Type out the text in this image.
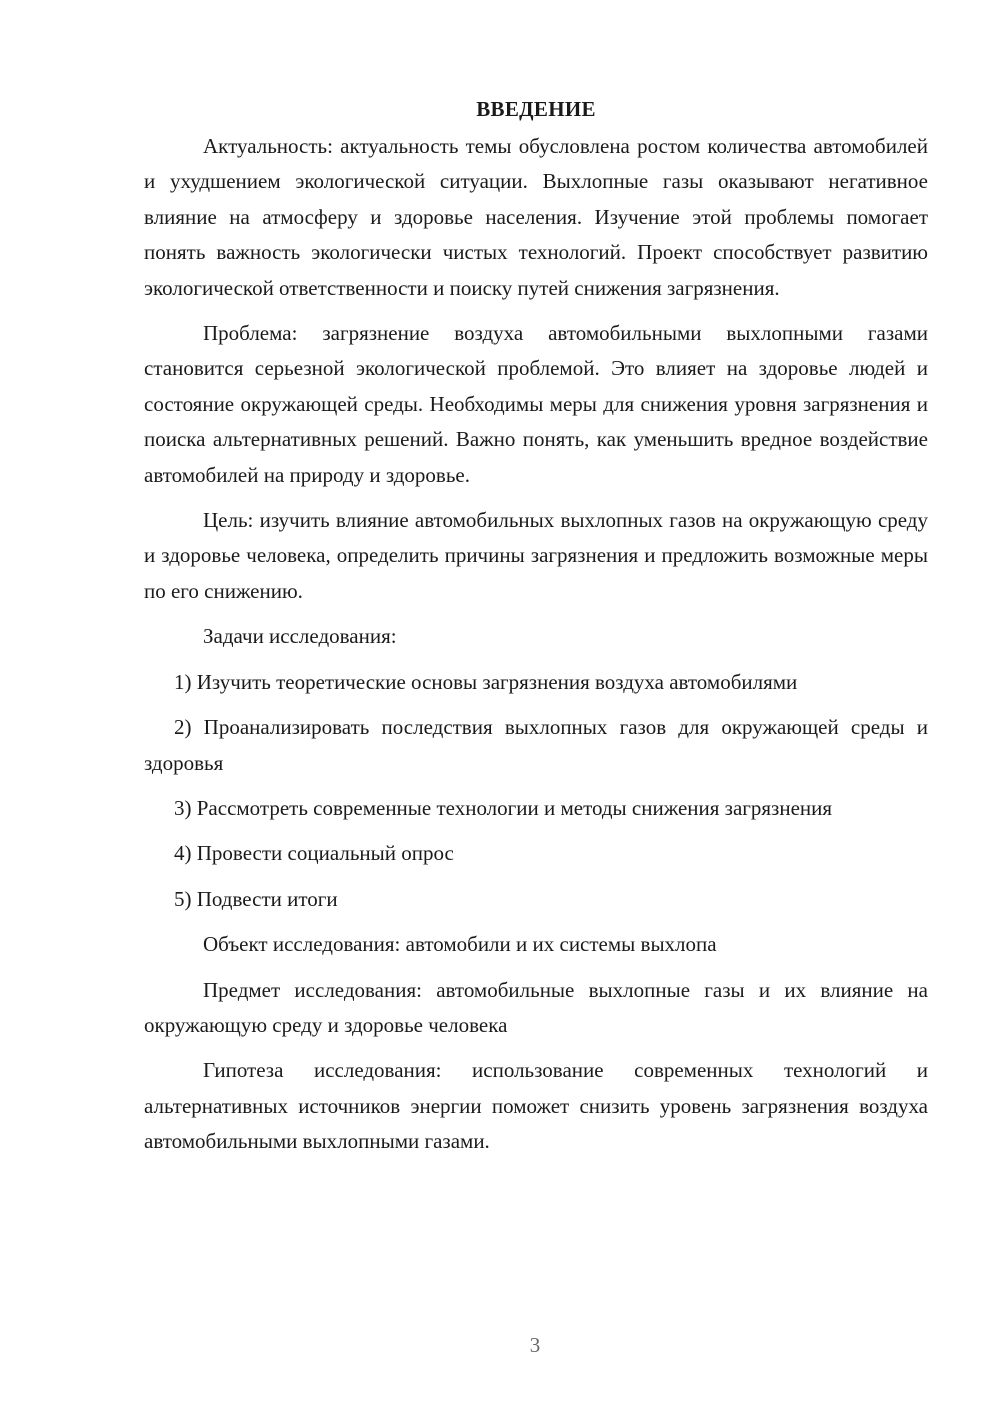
ВВЕДЕНИЕ

Актуальность: актуальность темы обусловлена ростом количества автомобилей и ухудшением экологической ситуации. Выхлопные газы оказывают негативное влияние на атмосферу и здоровье населения. Изучение этой проблемы помогает понять важность экологически чистых технологий. Проект способствует развитию экологической ответственности и поиску путей снижения загрязнения.

Проблема: загрязнение воздуха автомобильными выхлопными газами становится серьезной экологической проблемой. Это влияет на здоровье людей и состояние окружающей среды. Необходимы меры для снижения уровня загрязнения и поиска альтернативных решений. Важно понять, как уменьшить вредное воздействие автомобилей на природу и здоровье.

Цель: изучить влияние автомобильных выхлопных газов на окружающую среду и здоровье человека, определить причины загрязнения и предложить возможные меры по его снижению.

Задачи исследования:

1) Изучить теоретические основы загрязнения воздуха автомобилями

2) Проанализировать последствия выхлопных газов для окружающей среды и здоровья

3) Рассмотреть современные технологии и методы снижения загрязнения

4) Провести социальный опрос

5) Подвести итоги

Объект исследования: автомобили и их системы выхлопа

Предмет исследования: автомобильные выхлопные газы и их влияние на окружающую среду и здоровье человека

Гипотеза исследования: использование современных технологий и альтернативных источников энергии поможет снизить уровень загрязнения воздуха автомобильными выхлопными газами.

3
